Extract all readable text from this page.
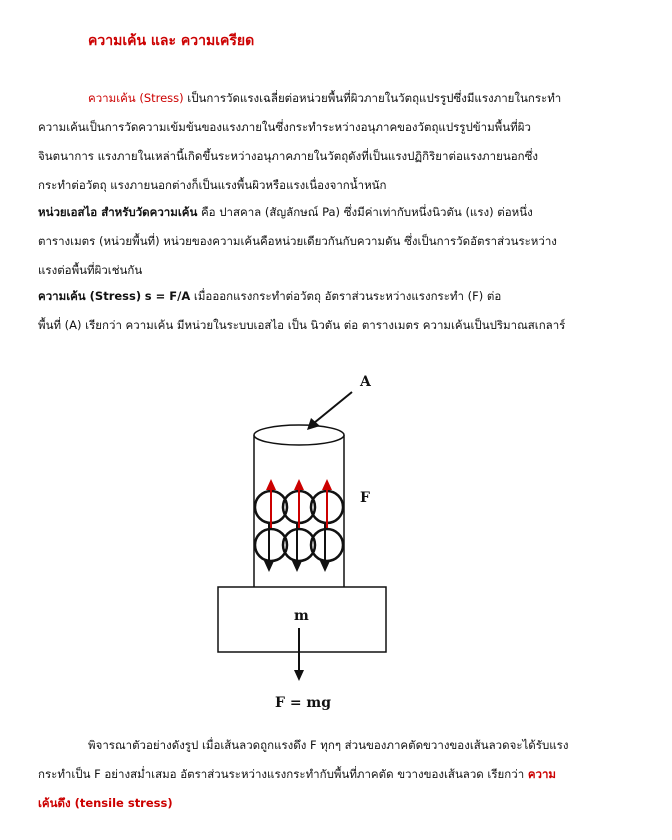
ความเค้น และ ความเครียด
ความเค้น (Stress) เป็นการวัดแรงเฉลี่ยต่อหน่วยพื้นที่ผิวภายในวัตถุแปรรูปซึ่งมีแรงภายในกระทำ
ความเค้นเป็นการวัดความเข้มข้นของแรงภายในซึ่งกระทำระหว่างอนุภาคของวัตถุแปรรูปข้ามพื้นที่ผิว
จินตนาการ แรงภายในเหล่านี้เกิดขึ้นระหว่างอนุภาคภายในวัตถุดังที่เป็นแรงปฏิกิริยาต่อแรงภายนอกซึ่ง
กระทำต่อวัตถุ แรงภายนอกต่างก็เป็นแรงพื้นผิวหรือแรงเนื่องจากน้ำหนัก
หน่วยเอสไอ สำหรับวัดความเค้น คือ ปาสคาล (สัญลักษณ์ Pa) ซึ่งมีค่าเท่ากับหนึ่งนิวตัน (แรง) ต่อหนึ่ง
ตารางเมตร (หน่วยพื้นที่) หน่วยของความเค้นคือหน่วยเดียวกันกับความดัน ซึ่งเป็นการวัดอัตราส่วนระหว่าง
แรงต่อพื้นที่ผิวเช่นกัน
ความเค้น (Stress) s = F/A เมื่อออกแรงกระทำต่อวัตถุ อัตราส่วนระหว่างแรงกระทำ (F) ต่อ
พื้นที่ (A) เรียกว่า ความเค้น มีหน่วยในระบบเอสไอ เป็น นิวตัน ต่อ ตารางเมตร ความเค้นเป็นปริมาณสเกลาร์
A
F
m
F = mg
พิจารณาตัวอย่างดังรูป เมื่อเส้นลวดถูกแรงดึง F ทุกๆ ส่วนของภาคตัดขวางของเส้นลวดจะได้รับแรง
กระทำเป็น F อย่างสม่ำเสมอ อัตราส่วนระหว่างแรงกระทำกับพื้นที่ภาคตัด ขวางของเส้นลวด เรียกว่า ความ
เค้นดึง (tensile stress)
